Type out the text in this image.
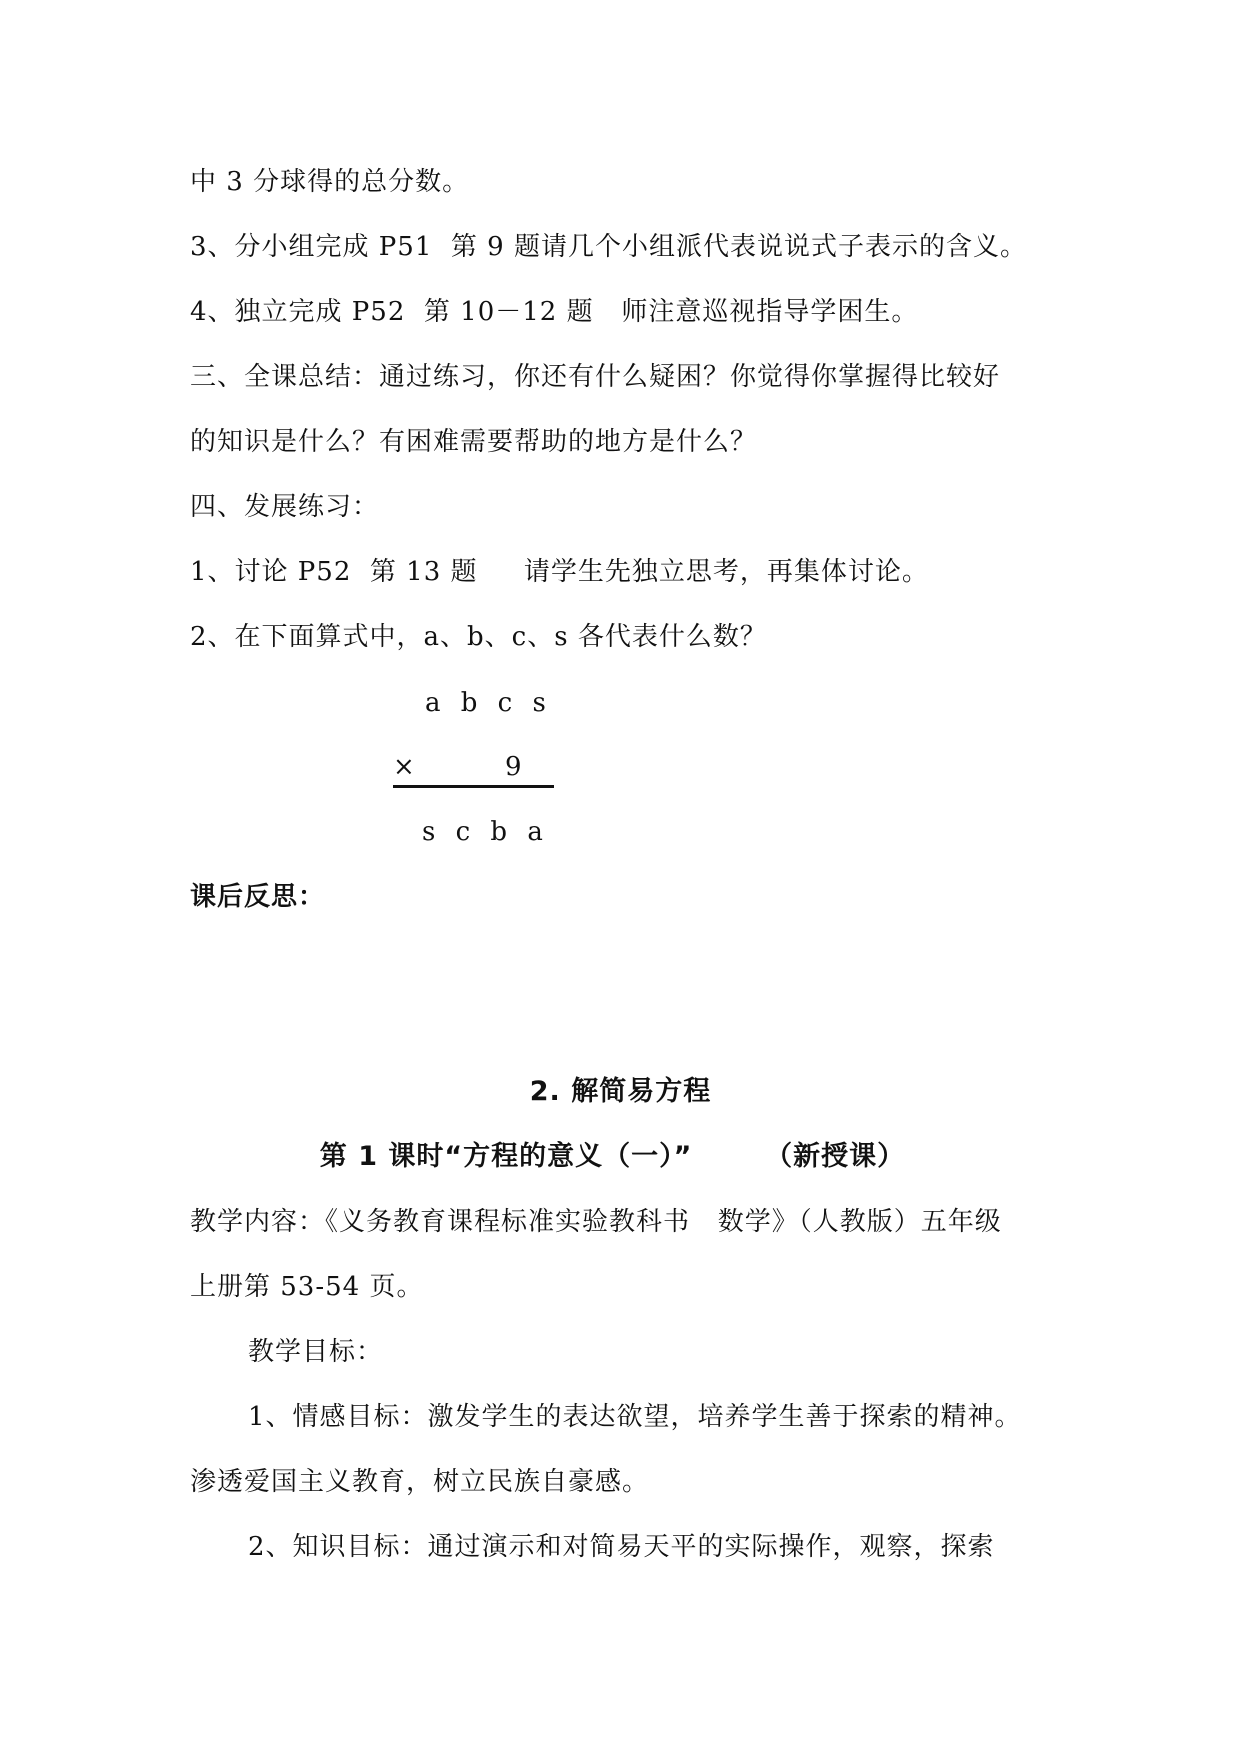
中 3 分球得的总分数。
3、分小组完成 P51  第 9 题请几个小组派代表说说式子表示的含义。
4、独立完成 P52  第 10－12 题   师注意巡视指导学困生。
三、全课总结：通过练习，你还有什么疑困？你觉得你掌握得比较好
的知识是什么？有困难需要帮助的地方是什么？
四、发展练习：
1、讨论 P52  第 13 题     请学生先独立思考，再集体讨论。
2、在下面算式中，a、b、c、s 各代表什么数？
a b c s
×	9
s c b a
课后反思：
2. 解简易方程
第 1 课时“方程的意义（一）”       （新授课）
教学内容：《义务教育课程标准实验教科书   数学》（人教版）五年级
上册第 53-54 页。
教学目标：
1、情感目标：激发学生的表达欲望，培养学生善于探索的精神。
渗透爱国主义教育，树立民族自豪感。
2、知识目标：通过演示和对简易天平的实际操作，观察，探索
